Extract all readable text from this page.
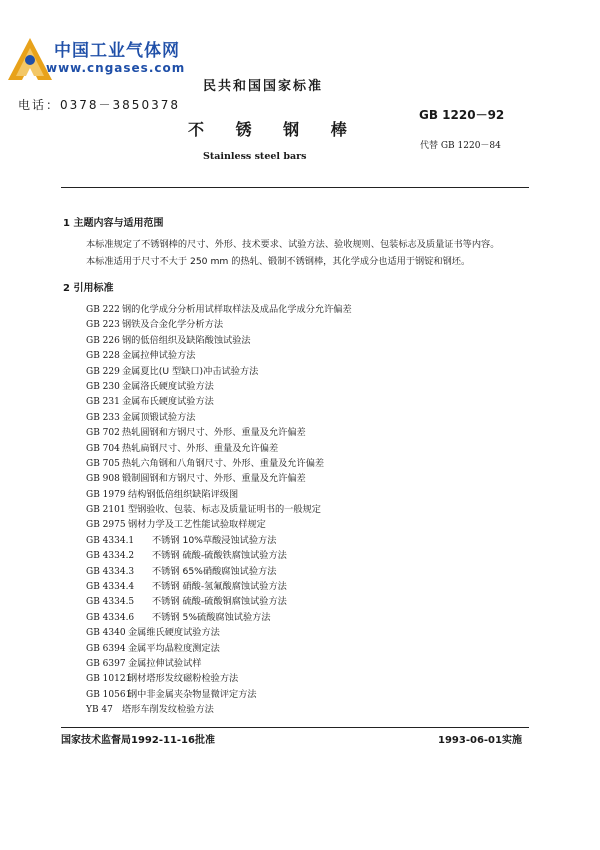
中国工业气体网
www.cngases.com
电话：0378－3850378
民共和国国家标准
GB 1220－92
不 锈 钢 棒
代替 GB 1220－84
Stainless steel bars
1 主题内容与适用范围
本标准规定了不锈钢棒的尺寸、外形、技术要求、试验方法、验收规则、包装标志及质量证书等内容。
本标准适用于尺寸不大于 250 mm 的热轧、锻制不锈钢棒，其化学成分也适用于钢锭和钢坯。
2 引用标准
GB 222 钢的化学成分分析用试样取样法及成品化学成分允许偏差
GB 223 钢铁及合金化学分析方法
GB 226 钢的低倍组织及缺陷酸蚀试验法
GB 228 金属拉伸试验方法
GB 229 金属夏比(U 型缺口)冲击试验方法
GB 230 金属洛氏硬度试验方法
GB 231 金属布氏硬度试验方法
GB 233 金属顶锻试验方法
GB 702 热轧圆钢和方钢尺寸、外形、重量及允许偏差
GB 704 热轧扁钢尺寸、外形、重量及允许偏差
GB 705 热轧六角钢和八角钢尺寸、外形、重量及允许偏差
GB 908 锻制圆钢和方钢尺寸、外形、重量及允许偏差
GB 1979 结构钢低倍组织缺陷评级图
GB 2101 型钢验收、包装、标志及质量证明书的一般规定
GB 2975 钢材力学及工艺性能试验取样规定
GB 4334.1 不锈钢 10%草酸浸蚀试验方法
GB 4334.2 不锈钢 硫酸-硫酸铁腐蚀试验方法
GB 4334.3 不锈钢 65%硝酸腐蚀试验方法
GB 4334.4 不锈钢 硝酸-氢氟酸腐蚀试验方法
GB 4334.5 不锈钢 硫酸-硫酸铜腐蚀试验方法
GB 4334.6 不锈钢 5%硫酸腐蚀试验方法
GB 4340 金属维氏硬度试验方法
GB 6394 金属平均晶粒度测定法
GB 6397 金属拉伸试验试样
GB 10121钢材塔形发纹磁粉检验方法
GB 10561钢中非金属夹杂物显微评定方法
YB 47 塔形车削发纹检验方法
国家技术监督局1992-11-16批准	1993-06-01实施
